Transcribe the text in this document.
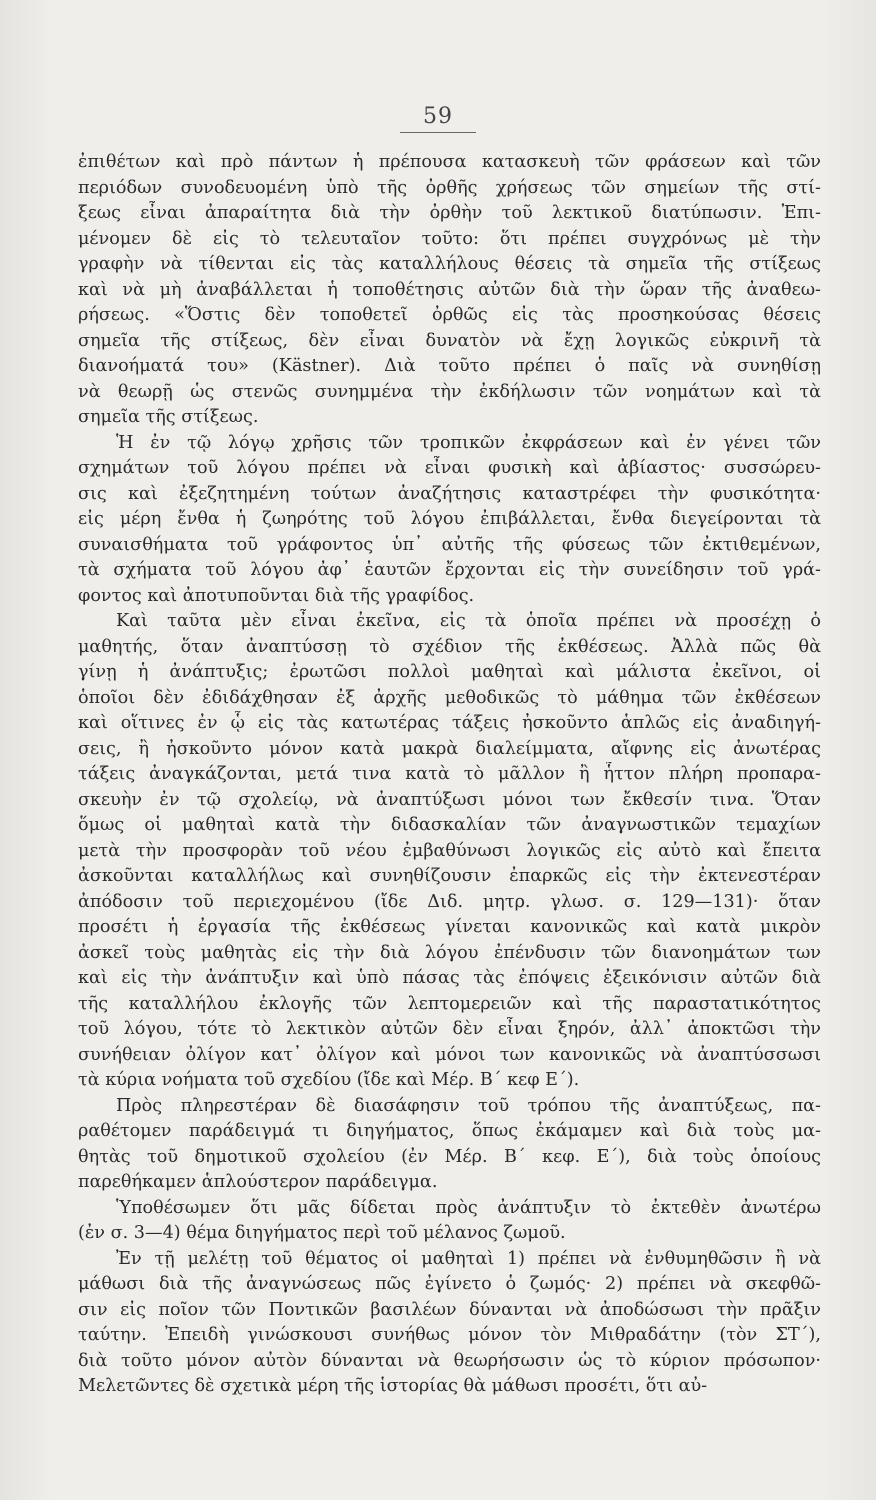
59
ἐπιθέτων καὶ πρὸ πάντων ἡ πρέπουσα κατασκευὴ τῶν φράσεων καὶ τῶν
περιόδων συνοδευομένη ὑπὸ τῆς ὀρθῆς χρήσεως τῶν σημείων τῆς στί-
ξεως εἶναι ἀπαραίτητα διὰ τὴν ὀρθὴν τοῦ λεκτικοῦ διατύπωσιν. Ἐπι-
μένομεν δὲ εἰς τὸ τελευταῖον τοῦτο: ὅτι πρέπει συγχρόνως μὲ τὴν
γραφὴν νὰ τίθενται εἰς τὰς καταλλήλους θέσεις τὰ σημεῖα τῆς στίξεως
καὶ νὰ μὴ ἀναβάλλεται ἡ τοποθέτησις αὐτῶν διὰ τὴν ὥραν τῆς ἀναθεω-
ρήσεως. «Ὅστις δὲν τοποθετεῖ ὀρθῶς εἰς τὰς προσηκούσας θέσεις
σημεῖα τῆς στίξεως, δὲν εἶναι δυνατὸν νὰ ἔχῃ λογικῶς εὐκρινῆ τὰ
διανοήματά του» (Kästner). Διὰ τοῦτο πρέπει ὁ παῖς νὰ συνηθίσῃ
νὰ θεωρῇ ὡς στενῶς συνημμένα τὴν ἐκδήλωσιν τῶν νοημάτων καὶ τὰ
σημεῖα τῆς στίξεως.
Ἡ ἐν τῷ λόγῳ χρῆσις τῶν τροπικῶν ἐκφράσεων καὶ ἐν γένει τῶν
σχημάτων τοῦ λόγου πρέπει νὰ εἶναι φυσικὴ καὶ ἀβίαστος· συσσώρευ-
σις καὶ ἐξεζητημένη τούτων ἀναζήτησις καταστρέφει τὴν φυσικότητα·
εἰς μέρη ἔνθα ἡ ζωηρότης τοῦ λόγου ἐπιβάλλεται, ἔνθα διεγείρονται τὰ
συναισθήματα τοῦ γράφοντος ὑπ᾽ αὐτῆς τῆς φύσεως τῶν ἐκτιθεμένων,
τὰ σχήματα τοῦ λόγου ἀφ᾽ ἑαυτῶν ἔρχονται εἰς τὴν συνείδησιν τοῦ γρά-
φοντος καὶ ἀποτυποῦνται διὰ τῆς γραφίδος.
Καὶ ταῦτα μὲν εἶναι ἐκεῖνα, εἰς τὰ ὁποῖα πρέπει νὰ προσέχῃ ὁ
μαθητής, ὅταν ἀναπτύσσῃ τὸ σχέδιον τῆς ἐκθέσεως. Ἀλλὰ πῶς θὰ
γίνῃ ἡ ἀνάπτυξις; ἐρωτῶσι πολλοὶ μαθηταὶ καὶ μάλιστα ἐκεῖνοι, οἱ
ὁποῖοι δὲν ἐδιδάχθησαν ἐξ ἀρχῆς μεθοδικῶς τὸ μάθημα τῶν ἐκθέσεων
καὶ οἵτινες ἐν ᾧ εἰς τὰς κατωτέρας τάξεις ἠσκοῦντο ἁπλῶς εἰς ἀναδιηγή-
σεις, ἢ ἠσκοῦντο μόνον κατὰ μακρὰ διαλείμματα, αἴφνης εἰς ἀνωτέρας
τάξεις ἀναγκάζονται, μετά τινα κατὰ τὸ μᾶλλον ἢ ἧττον πλήρη προπαρα-
σκευὴν ἐν τῷ σχολείῳ, νὰ ἀναπτύξωσι μόνοι των ἔκθεσίν τινα. Ὅταν
ὅμως οἱ μαθηταὶ κατὰ τὴν διδασκαλίαν τῶν ἀναγνωστικῶν τεμαχίων
μετὰ τὴν προσφορὰν τοῦ νέου ἐμβαθύνωσι λογικῶς εἰς αὐτὸ καὶ ἔπειτα
ἀσκοῦνται καταλλήλως καὶ συνηθίζουσιν ἐπαρκῶς εἰς τὴν ἐκτενεστέραν
ἀπόδοσιν τοῦ περιεχομένου (ἴδε Διδ. μητρ. γλωσ. σ. 129—131)· ὅταν
προσέτι ἡ ἐργασία τῆς ἐκθέσεως γίνεται κανονικῶς καὶ κατὰ μικρὸν
ἀσκεῖ τοὺς μαθητὰς εἰς τὴν διὰ λόγου ἐπένδυσιν τῶν διανοημάτων των
καὶ εἰς τὴν ἀνάπτυξιν καὶ ὑπὸ πάσας τὰς ἐπόψεις ἐξεικόνισιν αὐτῶν διὰ
τῆς καταλλήλου ἐκλογῆς τῶν λεπτομερειῶν καὶ τῆς παραστατικότητος
τοῦ λόγου, τότε τὸ λεκτικὸν αὐτῶν δὲν εἶναι ξηρόν, ἀλλ᾽ ἀποκτῶσι τὴν
συνήθειαν ὀλίγον κατ᾽ ὀλίγον καὶ μόνοι των κανονικῶς νὰ ἀναπτύσσωσι
τὰ κύρια νοήματα τοῦ σχεδίου (ἴδε καὶ Μέρ. Β΄ κεφ Ε΄).
Πρὸς πληρεστέραν δὲ διασάφησιν τοῦ τρόπου τῆς ἀναπτύξεως, πα-
ραθέτομεν παράδειγμά τι διηγήματος, ὅπως ἐκάμαμεν καὶ διὰ τοὺς μα-
θητὰς τοῦ δημοτικοῦ σχολείου (ἐν Μέρ. Β΄ κεφ. Ε΄), διὰ τοὺς ὁποίους
παρεθήκαμεν ἁπλούστερον παράδειγμα.
Ὑποθέσωμεν ὅτι μᾶς δίδεται πρὸς ἀνάπτυξιν τὸ ἐκτεθὲν ἀνωτέρω
(ἐν σ. 3—4) θέμα διηγήματος περὶ τοῦ μέλανος ζωμοῦ.
Ἐν τῇ μελέτῃ τοῦ θέματος οἱ μαθηταὶ 1) πρέπει νὰ ἐνθυμηθῶσιν ἢ νὰ
μάθωσι διὰ τῆς ἀναγνώσεως πῶς ἐγίνετο ὁ ζωμός· 2) πρέπει νὰ σκεφθῶ-
σιν εἰς ποῖον τῶν Ποντικῶν βασιλέων δύνανται νὰ ἀποδώσωσι τὴν πρᾶξιν
ταύτην. Ἐπειδὴ γινώσκουσι συνήθως μόνον τὸν Μιθραδάτην (τὸν ΣΤ΄),
διὰ τοῦτο μόνον αὐτὸν δύνανται νὰ θεωρήσωσιν ὡς τὸ κύριον πρόσωπον·
Μελετῶντες δὲ σχετικὰ μέρη τῆς ἱστορίας θὰ μάθωσι προσέτι, ὅτι αὐ-
